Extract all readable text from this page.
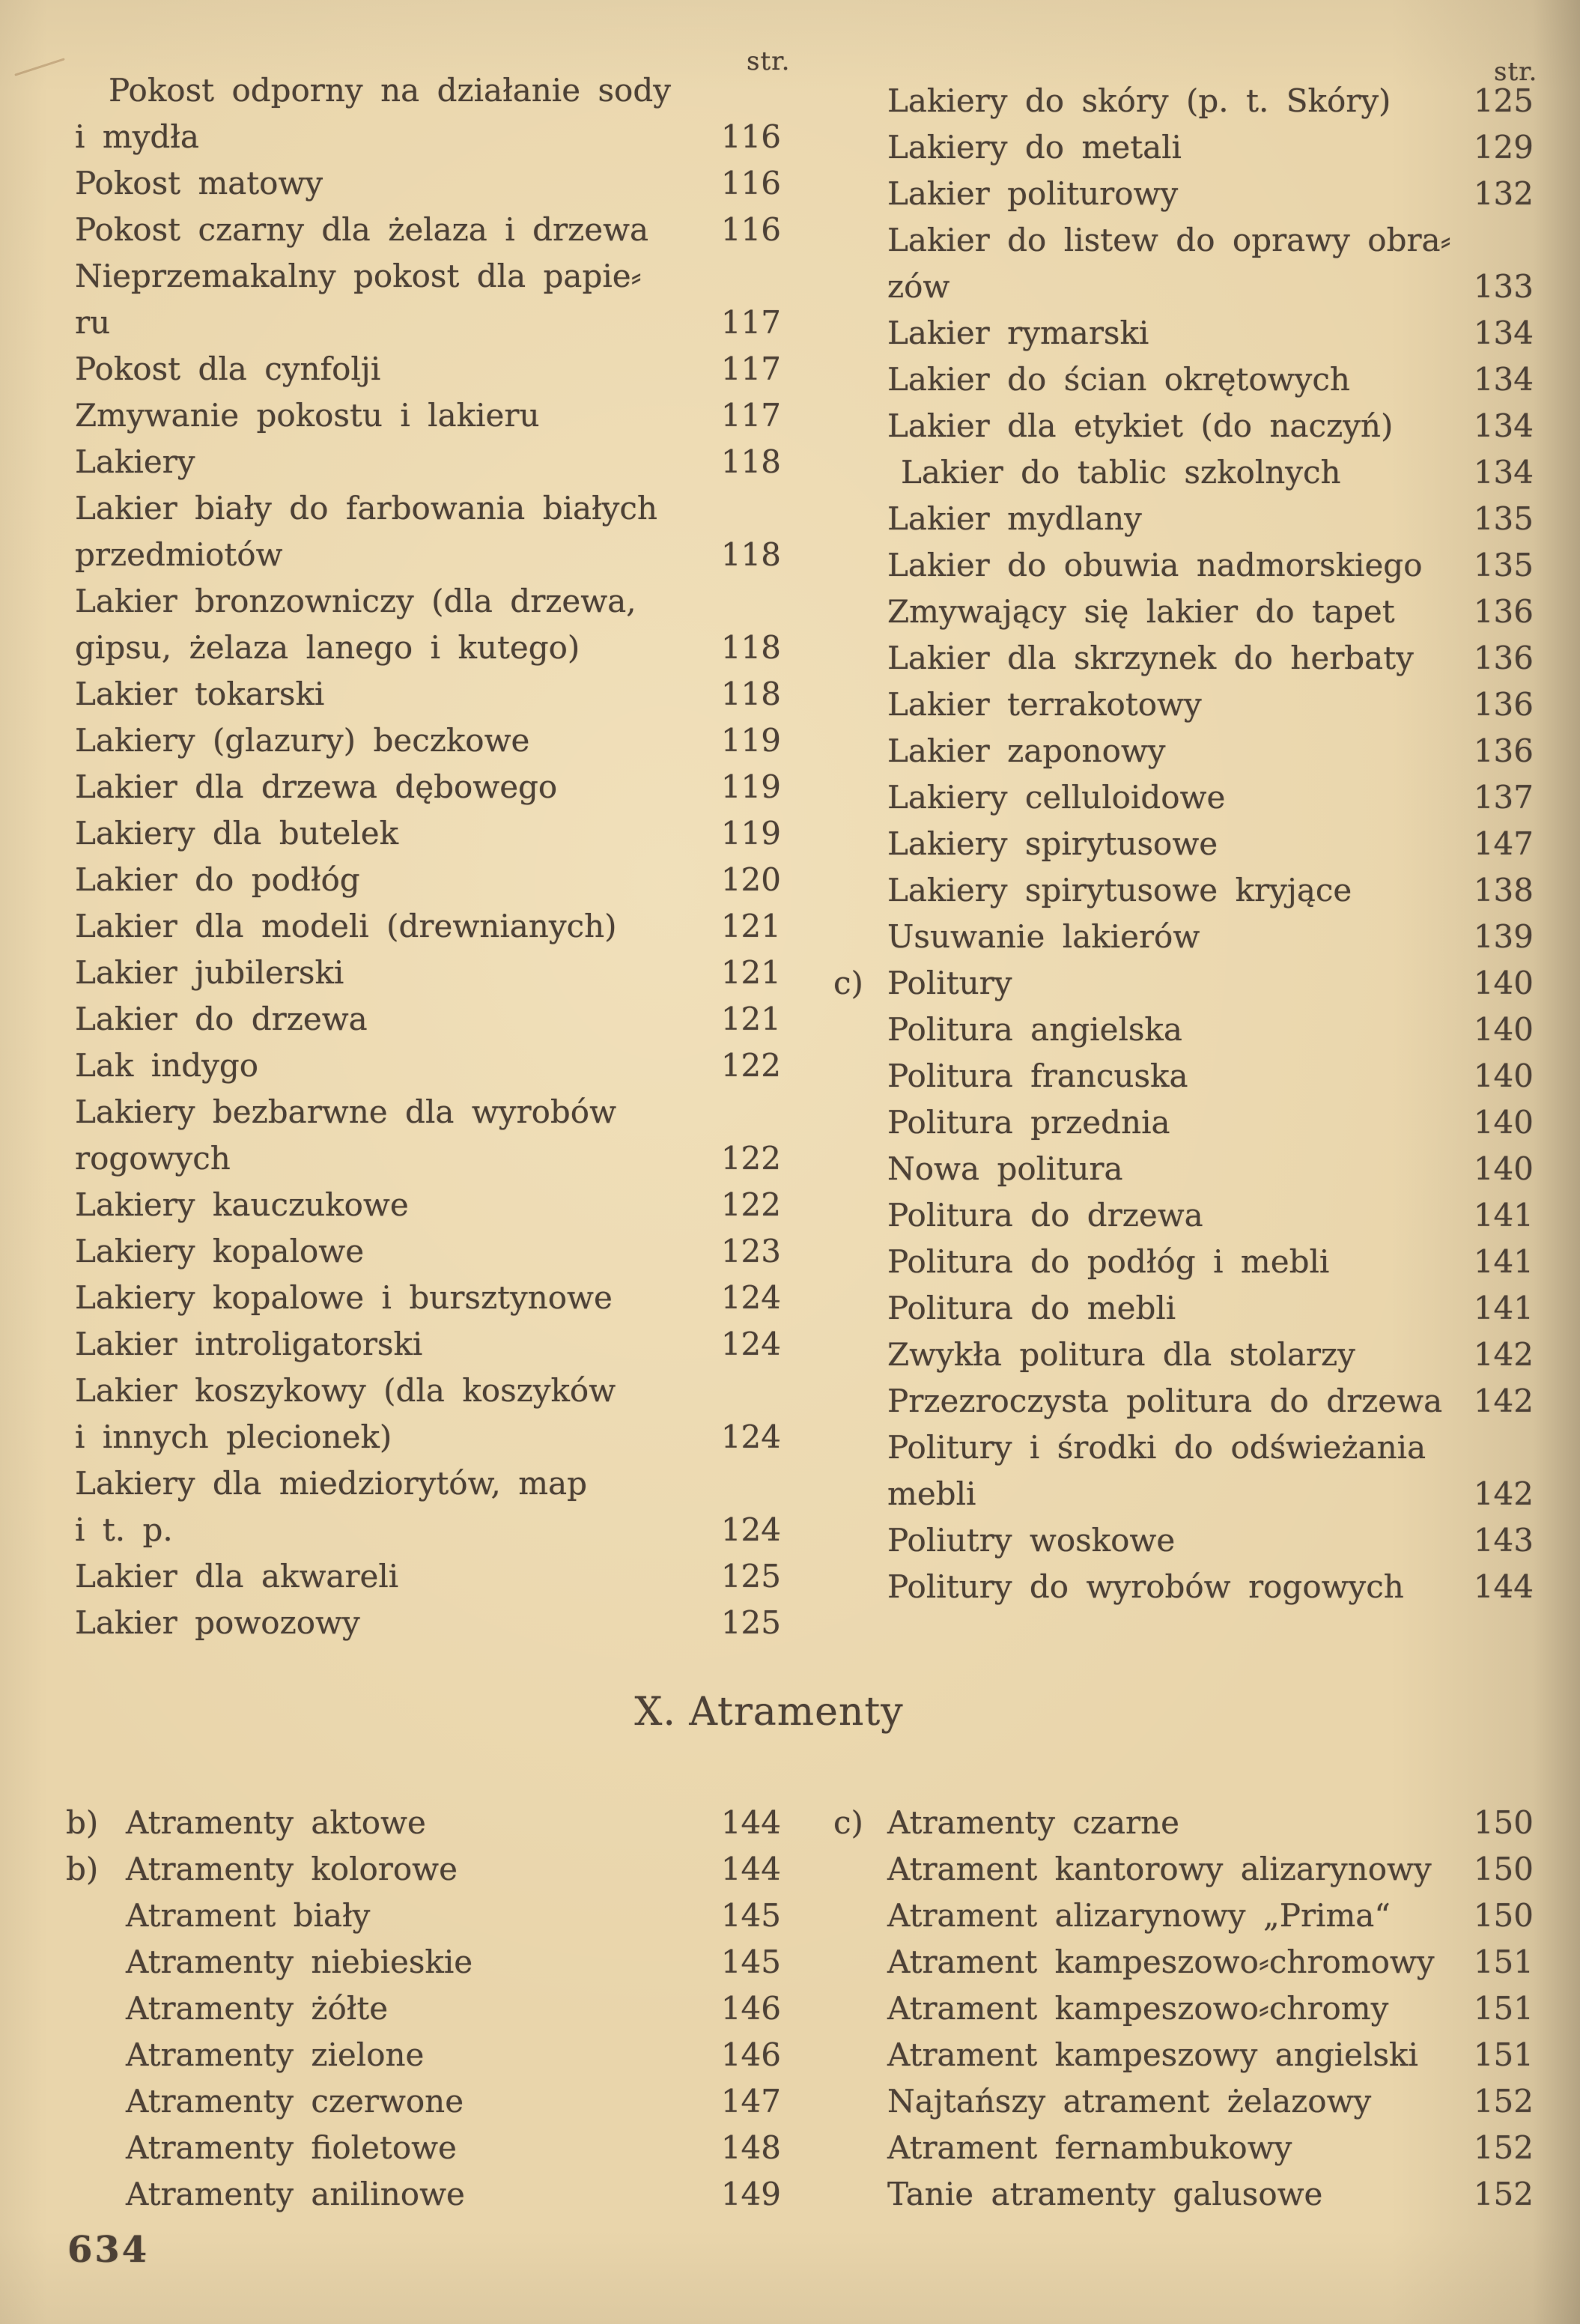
str.	str.
Pokost odporny na działanie sody
i mydła	116
Pokost matowy	116
Pokost czarny dla żelaza i drzewa	116
Nieprzemakalny pokost dla papie⸗
ru	117
Pokost dla cynfolji	117
Zmywanie pokostu i lakieru	117
Lakiery	118
Lakier biały do farbowania białych
przedmiotów	118
Lakier bronzowniczy (dla drzewa,
gipsu, żelaza lanego i kutego)	118
Lakier tokarski	118
Lakiery (glazury) beczkowe	119
Lakier dla drzewa dębowego	119
Lakiery dla butelek	119
Lakier do podłóg	120
Lakier dla modeli (drewnianych)	121
Lakier jubilerski	121
Lakier do drzewa	121
Lak indygo	122
Lakiery bezbarwne dla wyrobów
rogowych	122
Lakiery kauczukowe	122
Lakiery kopalowe	123
Lakiery kopalowe i bursztynowe	124
Lakier introligatorski	124
Lakier koszykowy (dla koszyków
i innych plecionek)	124
Lakiery dla miedziorytów, map
i t. p.	124
Lakier dla akwareli	125
Lakier powozowy	125
Lakiery do skóry (p. t. Skóry)	125
Lakiery do metali	129
Lakier politurowy	132
Lakier do listew do oprawy obra⸗
zów	133
Lakier rymarski	134
Lakier do ścian okrętowych	134
Lakier dla etykiet (do naczyń)	134
Lakier do tablic szkolnych	134
Lakier mydlany	135
Lakier do obuwia nadmorskiego	135
Zmywający się lakier do tapet	136
Lakier dla skrzynek do herbaty	136
Lakier terrakotowy	136
Lakier zaponowy	136
Lakiery celluloidowe	137
Lakiery spirytusowe	147
Lakiery spirytusowe kryjące	138
Usuwanie lakierów	139
c) Politury	140
Politura angielska	140
Politura francuska	140
Politura przednia	140
Nowa politura	140
Politura do drzewa	141
Politura do podłóg i mebli	141
Politura do mebli	141
Zwykła politura dla stolarzy	142
Przezroczysta politura do drzewa 142
Politury i środki do odświeżania
mebli	142
Poliutry woskowe	143
Politury do wyrobów rogowych	144
X. Atramenty
b) Atramenty aktowe	144
b) Atramenty kolorowe	144
Atrament biały	145
Atramenty niebieskie	145
Atramenty żółte	146
Atramenty zielone	146
Atramenty czerwone	147
Atramenty fioletowe	148
Atramenty anilinowe	149
c) Atramenty czarne	150
Atrament kantorowy alizarynowy	150
Atrament alizarynowy „Prima“	150
Atrament kampeszowo⸗chromowy	151
Atrament kampeszowo⸗chromy	151
Atrament kampeszowy angielski	151
Najtańszy atrament żelazowy	152
Atrament fernambukowy	152
Tanie atramenty galusowe	152
634
